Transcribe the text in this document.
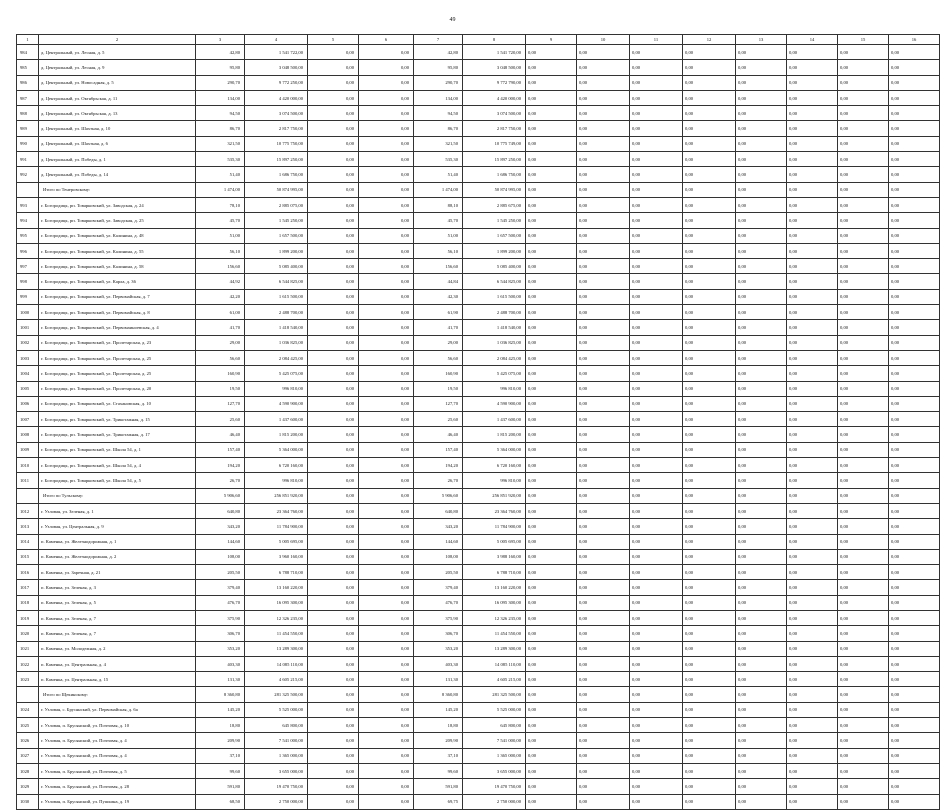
49
1	2	3	4	5	6	7	8	9	10	11	12	13	14	15	16
984	д. Центральный, ул. Лесная, д. 5	42,80	1 541 722,00	0,00	0,00	42,80	1 541 720,00	0,00	0,00	0,00	0,00	0,00	0,00	0,00	0,00
985	д. Центральный, ул. Лесная, д. 9	95,80	3 048 500,00	0,00	0,00	95,80	3 048 500,00	0,00	0,00	0,00	0,00	0,00	0,00	0,00	0,00
986	д. Центральный, ул. Новосадная, д. 5	290,70	9 772 250,00	0,00	0,00	290,70	9 772 790,00	0,00	0,00	0,00	0,00	0,00	0,00	0,00	0,00
987	д. Центральный, ул. Октябрьская, д. 11	134,00	4 420 000,00	0,00	0,00	134,00	4 420 000,00	0,00	0,00	0,00	0,00	0,00	0,00	0,00	0,00
988	д. Центральный, ул. Октябрьская, д. 13	94,50	3 074 500,00	0,00	0,00	94,50	3 074 500,00	0,00	0,00	0,00	0,00	0,00	0,00	0,00	0,00
989	д. Центральный, ул. Шахтная, д. 10	86,70	2 817 750,00	0,00	0,00	86,70	2 817 750,00	0,00	0,00	0,00	0,00	0,00	0,00	0,00	0,00
990	д. Центральный, ул. Шахтная, д. 6	321,50	10 775 750,00	0,00	0,00	321,50	10 775 749,00	0,00	0,00	0,00	0,00	0,00	0,00	0,00	0,00
991	д. Центральный, ул. Победы, д. 1	535,30	15 897 250,00	0,00	0,00	535,30	15 897 250,00	0,00	0,00	0,00	0,00	0,00	0,00	0,00	0,00
992	д. Центральный, ул. Победы, д. 14	51,40	1 686 750,00	0,00	0,00	51,40	1 686 750,00	0,00	0,00	0,00	0,00	0,00	0,00	0,00	0,00
	Итого по Тенеровскому:	1 474,00	50 874 995,00	0,00	0,00	1 474,00	50 874 995,00	0,00	0,00	0,00	0,00	0,00	0,00	0,00	0,00
993	г. Богородицк, рп. Товарковский, ул. Заводская, д. 24	78,10	2 885 075,00	0,00	0,00	88,10	2 885 675,00	0,00	0,00	0,00	0,00	0,00	0,00	0,00	0,00
994	г. Богородицк, рп. Товарковский, ул. Заводская, д. 25	45,70	1 545 250,00	0,00	0,00	45,70	1 545 250,00	0,00	0,00	0,00	0,00	0,00	0,00	0,00	0,00
995	г. Богородицк, рп. Товарковский, ул. Калинина, д. 48	51,00	1 657 500,00	0,00	0,00	51,00	1 657 500,00	0,00	0,00	0,00	0,00	0,00	0,00	0,00	0,00
996	г. Богородицк, рп. Товарковский, ул. Калинина, д. 55	56,10	1 899 200,00	0,00	0,00	56,10	1 899 200,00	0,00	0,00	0,00	0,00	0,00	0,00	0,00	0,00
997	г. Богородицк, рп. Товарковский, ул. Калинина, д. 58	156,60	5 085 400,00	0,00	0,00	156,60	5 085 400,00	0,00	0,00	0,00	0,00	0,00	0,00	0,00	0,00
998	г. Богородицк, рп. Товарковский, ул. Карла, д. 36	44,92	6 544 825,00	0,00	0,00	44,84	6 544 825,00	0,00	0,00	0,00	0,00	0,00	0,00	0,00	0,00
999	г. Богородицк, рп. Товарковский, ул. Первомайская, д. 7	42,20	1 615 500,00	0,00	0,00	42,30	1 615 500,00	0,00	0,00	0,00	0,00	0,00	0,00	0,00	0,00
1000	г. Богородицк, рп. Товарковский, ул. Первомайская, д. 8	61,00	2 488 700,00	0,00	0,00	61,90	2 488 700,00	0,00	0,00	0,00	0,00	0,00	0,00	0,00	0,00
1001	г. Богородицк, рп. Товарковский, ул. Первомаиноевская, д. 4	41,70	1 418 540,00	0,00	0,00	41,70	1 418 540,00	0,00	0,00	0,00	0,00	0,00	0,00	0,00	0,00
1002	г. Богородицк, рп. Товарковский, ул. Пролетарская, д. 23	29,00	1 036 825,00	0,00	0,00	29,00	1 036 825,00	0,00	0,00	0,00	0,00	0,00	0,00	0,00	0,00
1003	г. Богородицк, рп. Товарковский, ул. Пролетарская, д. 25	56,60	2 084 425,00	0,00	0,00	56,60	2 084 425,00	0,00	0,00	0,00	0,00	0,00	0,00	0,00	0,00
1004	г. Богородицк, рп. Товарковский, ул. Пролетарская, д. 25	160,90	5 425 075,00	0,00	0,00	160,90	5 425 075,00	0,00	0,00	0,00	0,00	0,00	0,00	0,00	0,00
1005	г. Богородицк, рп. Товарковский, ул. Пролетарская, д. 20	19,50	996 810,00	0,00	0,00	19,50	996 810,00	0,00	0,00	0,00	0,00	0,00	0,00	0,00	0,00
1006	г. Богородицк, рп. Товарковский, ул. Стахановская, д. 10	127,70	4 590 900,00	0,00	0,00	127,70	4 590 900,00	0,00	0,00	0,00	0,00	0,00	0,00	0,00	0,00
1007	г. Богородицк, рп. Товарковский, ул. Трикотажная, д. 15	25,60	1 437 600,00	0,00	0,00	25,60	1 437 600,00	0,00	0,00	0,00	0,00	0,00	0,00	0,00	0,00
1008	г. Богородицк, рп. Товарковский, ул. Трикотажная, д. 17	46,40	1 815 200,00	0,00	0,00	46,40	1 815 200,00	0,00	0,00	0,00	0,00	0,00	0,00	0,00	0,00
1009	г. Богородицк, рп. Товарковский, ул. Школа 54, д. 1	157,40	5 364 000,00	0,00	0,00	157,40	5 364 000,00	0,00	0,00	0,00	0,00	0,00	0,00	0,00	0,00
1010	г. Богородицк, рп. Товарковский, ул. Школа 54, д. 4	194,20	6 720 160,00	0,00	0,00	194,20	6 720 160,00	0,00	0,00	0,00	0,00	0,00	0,00	0,00	0,00
1011	г. Богородицк, рп. Товарковский, ул. Школа 54, д. 5	26,70	996 810,00	0,00	0,00	26,70	996 810,00	0,00	0,00	0,00	0,00	0,00	0,00	0,00	0,00
	Итого по Тульскому:	5 906,60	256 851 920,00	0,00	0,00	5 906,60	256 851 920,00	0,00	0,00	0,00	0,00	0,00	0,00	0,00	0,00
1012	г. Узловая, ул. Зеленая, д. 1	640,80	23 364 760,00	0,00	0,00	640,80	23 364 760,00	0,00	0,00	0,00	0,00	0,00	0,00	0,00	0,00
1013	г. Узловая, ул. Центральная, д. 9	343,20	11 784 900,00	0,00	0,00	343,20	11 784 900,00	0,00	0,00	0,00	0,00	0,00	0,00	0,00	0,00
1014	п. Каменка, ул. Железнодорожная, д. 1	144,60	5 005 695,00	0,00	0,00	144,60	5 005 695,00	0,00	0,00	0,00	0,00	0,00	0,00	0,00	0,00
1015	п. Каменка, ул. Железнодорожная, д. 2	108,00	3 960 160,00	0,00	0,00	108,00	3 988 160,00	0,00	0,00	0,00	0,00	0,00	0,00	0,00	0,00
1016	п. Каменка, ул. Заречная, д. 21	205,50	6 788 710,00	0,00	0,00	205,50	6 788 710,00	0,00	0,00	0,00	0,00	0,00	0,00	0,00	0,00
1017	п. Каменка, ул. Зеленая, д. 3	379,40	13 160 220,00	0,00	0,00	379,40	13 160 220,00	0,00	0,00	0,00	0,00	0,00	0,00	0,00	0,00
1018	п. Каменка, ул. Зеленая, д. 5	476,70	16 095 300,00	0,00	0,00	476,70	16 095 300,00	0,00	0,00	0,00	0,00	0,00	0,00	0,00	0,00
1019	п. Каменка, ул. Зеленая, д. 7	375,90	12 326 235,00	0,00	0,00	375,90	12 326 235,00	0,00	0,00	0,00	0,00	0,00	0,00	0,00	0,00
1020	п. Каменка, ул. Зеленая, д. 7	306,70	11 454 550,00	0,00	0,00	306,70	11 454 550,00	0,00	0,00	0,00	0,00	0,00	0,00	0,00	0,00
1021	п. Каменка, ул. Молодежная, д. 2	353,20	13 289 300,00	0,00	0,00	353,20	13 289 300,00	0,00	0,00	0,00	0,00	0,00	0,00	0,00	0,00
1022	п. Каменка, ул. Центральная, д. 4	403,30	14 085 110,00	0,00	0,00	403,30	14 085 110,00	0,00	0,00	0,00	0,00	0,00	0,00	0,00	0,00
1023	п. Каменка, ул. Центральная, д. 15	131,30	4 605 215,00	0,00	0,00	131,30	4 605 215,00	0,00	0,00	0,00	0,00	0,00	0,00	0,00	0,00
	Итого по Щекинскому:	8 360,80	281 325 500,00	0,00	0,00	8 360,80	281 325 500,00	0,00	0,00	0,00	0,00	0,00	0,00	0,00	0,00
1024	г. Узловая, с. Брусянский, ул. Первомайская, д. 6а	145,20	5 525 000,00	0,00	0,00	145,20	5 525 000,00	0,00	0,00	0,00	0,00	0,00	0,00	0,00	0,00
1025	г. Узловая, п. Брусянский, ул. Почтовая, д. 10	18,80	645 800,00	0,00	0,00	18,80	645 800,00	0,00	0,00	0,00	0,00	0,00	0,00	0,00	0,00
1026	г. Узловая, п. Брусянский, ул. Почтовая, д. 4	209,90	7 541 000,00	0,00	0,00	209,90	7 541 000,00	0,00	0,00	0,00	0,00	0,00	0,00	0,00	0,00
1027	г. Узловая, п. Брусянский, ул. Почтовая, д. 4	37,10	1 365 000,00	0,00	0,00	37,10	1 365 000,00	0,00	0,00	0,00	0,00	0,00	0,00	0,00	0,00
1028	г. Узловая, п. Брусянский, ул. Почтовая, д. 5	99,60	3 655 000,00	0,00	0,00	99,60	3 655 000,00	0,00	0,00	0,00	0,00	0,00	0,00	0,00	0,00
1029	г. Узловая, п. Брусянский, ул. Почтовая, д. 28	591,80	19 470 750,00	0,00	0,00	591,80	19 470 750,00	0,00	0,00	0,00	0,00	0,00	0,00	0,00	0,00
1030	г. Узловая, п. Брусянский, ул. Пушкина, д. 19	68,50	2 750 000,00	0,00	0,00	69,75	2 750 000,00	0,00	0,00	0,00	0,00	0,00	0,00	0,00	0,00
